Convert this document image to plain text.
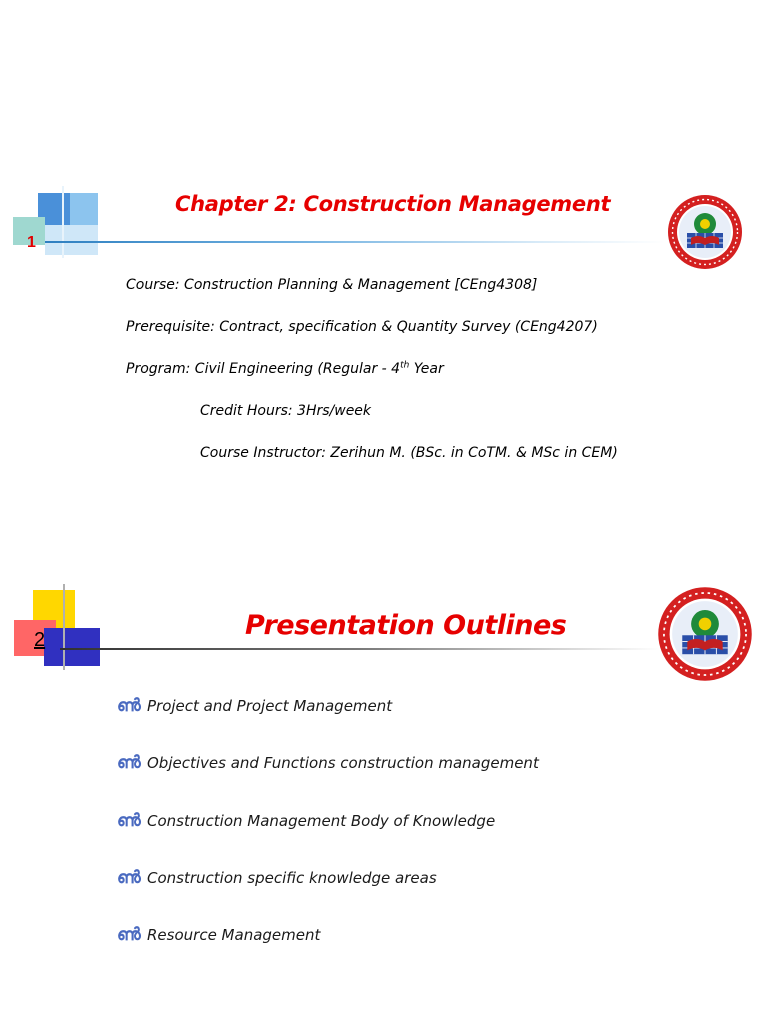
1
Chapter 2: Construction Management
Course: Construction Planning & Management [CEng4308]
Prerequisite: Contract, specification & Quantity Survey (CEng4207)
Program: Civil Engineering (Regular - 4th Year
Credit Hours: 3Hrs/week
Course Instructor: Zerihun M. (BSc. in CoTM. & MSc in CEM)
2	Presentation Outlines
ൺ Project and Project Management
ൺ Objectives and Functions construction management
ൺ Construction Management Body of Knowledge
ൺ Construction specific knowledge areas
ൺ Resource Management
